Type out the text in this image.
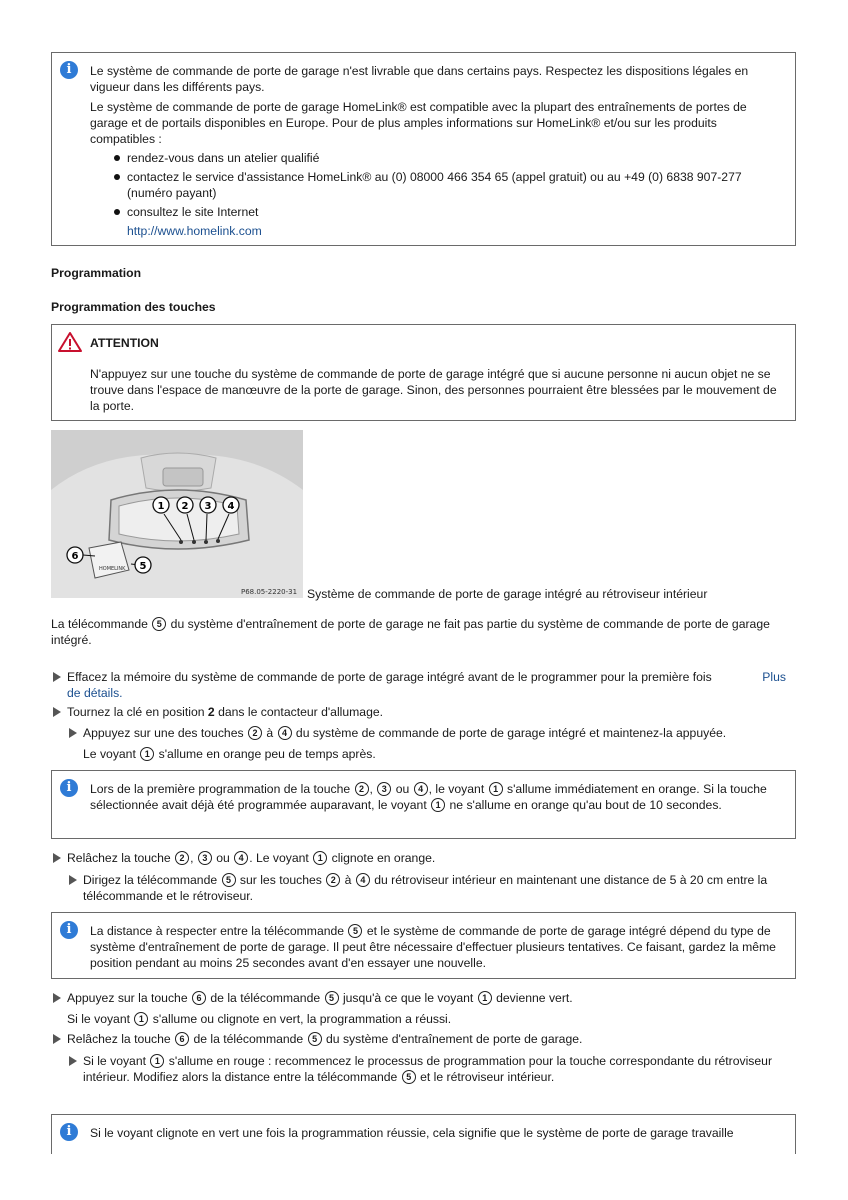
i	Le système de commande de porte de garage n'est livrable que dans certains pays. Respectez les dispositions légales en vigueur dans les différents pays.

Le système de commande de porte de garage HomeLink® est compatible avec la plupart des entraînements de portes de garage et de portails disponibles en Europe. Pour de plus amples informations sur HomeLink® et/ou sur les produits compatibles :

rendez-vous dans un atelier qualifié

contactez le service d'assistance HomeLink® au (0) 08000 466 354 65 (appel gratuit) ou au +49 (0) 6838 907-277 (numéro payant)

consultez le site Internet

http://www.homelink.com

Programmation
Programmation des touches
ATTENTION
N'appuyez sur une touche du système de commande de porte de garage intégré que si aucune personne ni aucun objet ne se trouve dans l'espace de manœuvre de la porte de garage. Sinon, des personnes pourraient être blessées par le mouvement de la porte.
HOMELINK
1 2 3 4
6
5
P68.05-2220-31 Système de commande de porte de garage intégré au rétroviseur intérieur
La télécommande 5 du système d'entraînement de porte de garage ne fait pas partie du système de commande de porte de garage intégré.
Effacez la mémoire du système de commande de porte de garage intégré avant de le programmer pour la première fois	Plus

de détails.
Tournez la clé en position 2 dans le contacteur d'allumage.
Appuyez sur une des touches 2 à 4 du système de commande de porte de garage intégré et maintenez-la appuyée.
Le voyant 1 s'allume en orange peu de temps après.
i	Lors de la première programmation de la touche 2 , 3 ou 4 , le voyant 1 s'allume immédiatement en orange. Si la touche sélectionnée avait déjà été programmée auparavant, le voyant 1 ne s'allume en orange qu'au bout de 10 secondes.
Relâchez la touche 2 , 3 ou 4 . Le voyant 1 clignote en orange.
Dirigez la télécommande 5 sur les touches 2 à 4 du rétroviseur intérieur en maintenant une distance de 5 à 20 cm entre la télécommande et le rétroviseur.
i	La distance à respecter entre la télécommande 5 et le système de commande de porte de garage intégré dépend du type de système d'entraînement de porte de garage. Il peut être nécessaire d'effectuer plusieurs tentatives. Ce faisant, gardez la même position pendant au moins 25 secondes avant d'en essayer une nouvelle.
Appuyez sur la touche 6 de la télécommande 5 jusqu'à ce que le voyant 1 devienne vert.
Si le voyant 1 s'allume ou clignote en vert, la programmation a réussi.
Relâchez la touche 6 de la télécommande 5 du système d'entraînement de porte de garage.
Si le voyant 1 s'allume en rouge : recommencez le processus de programmation pour la touche correspondante du rétroviseur intérieur. Modifiez alors la distance entre la télécommande 5 et le rétroviseur intérieur.
i	Si le voyant clignote en vert une fois la programmation réussie, cela signifie que le système de porte de garage travaille
